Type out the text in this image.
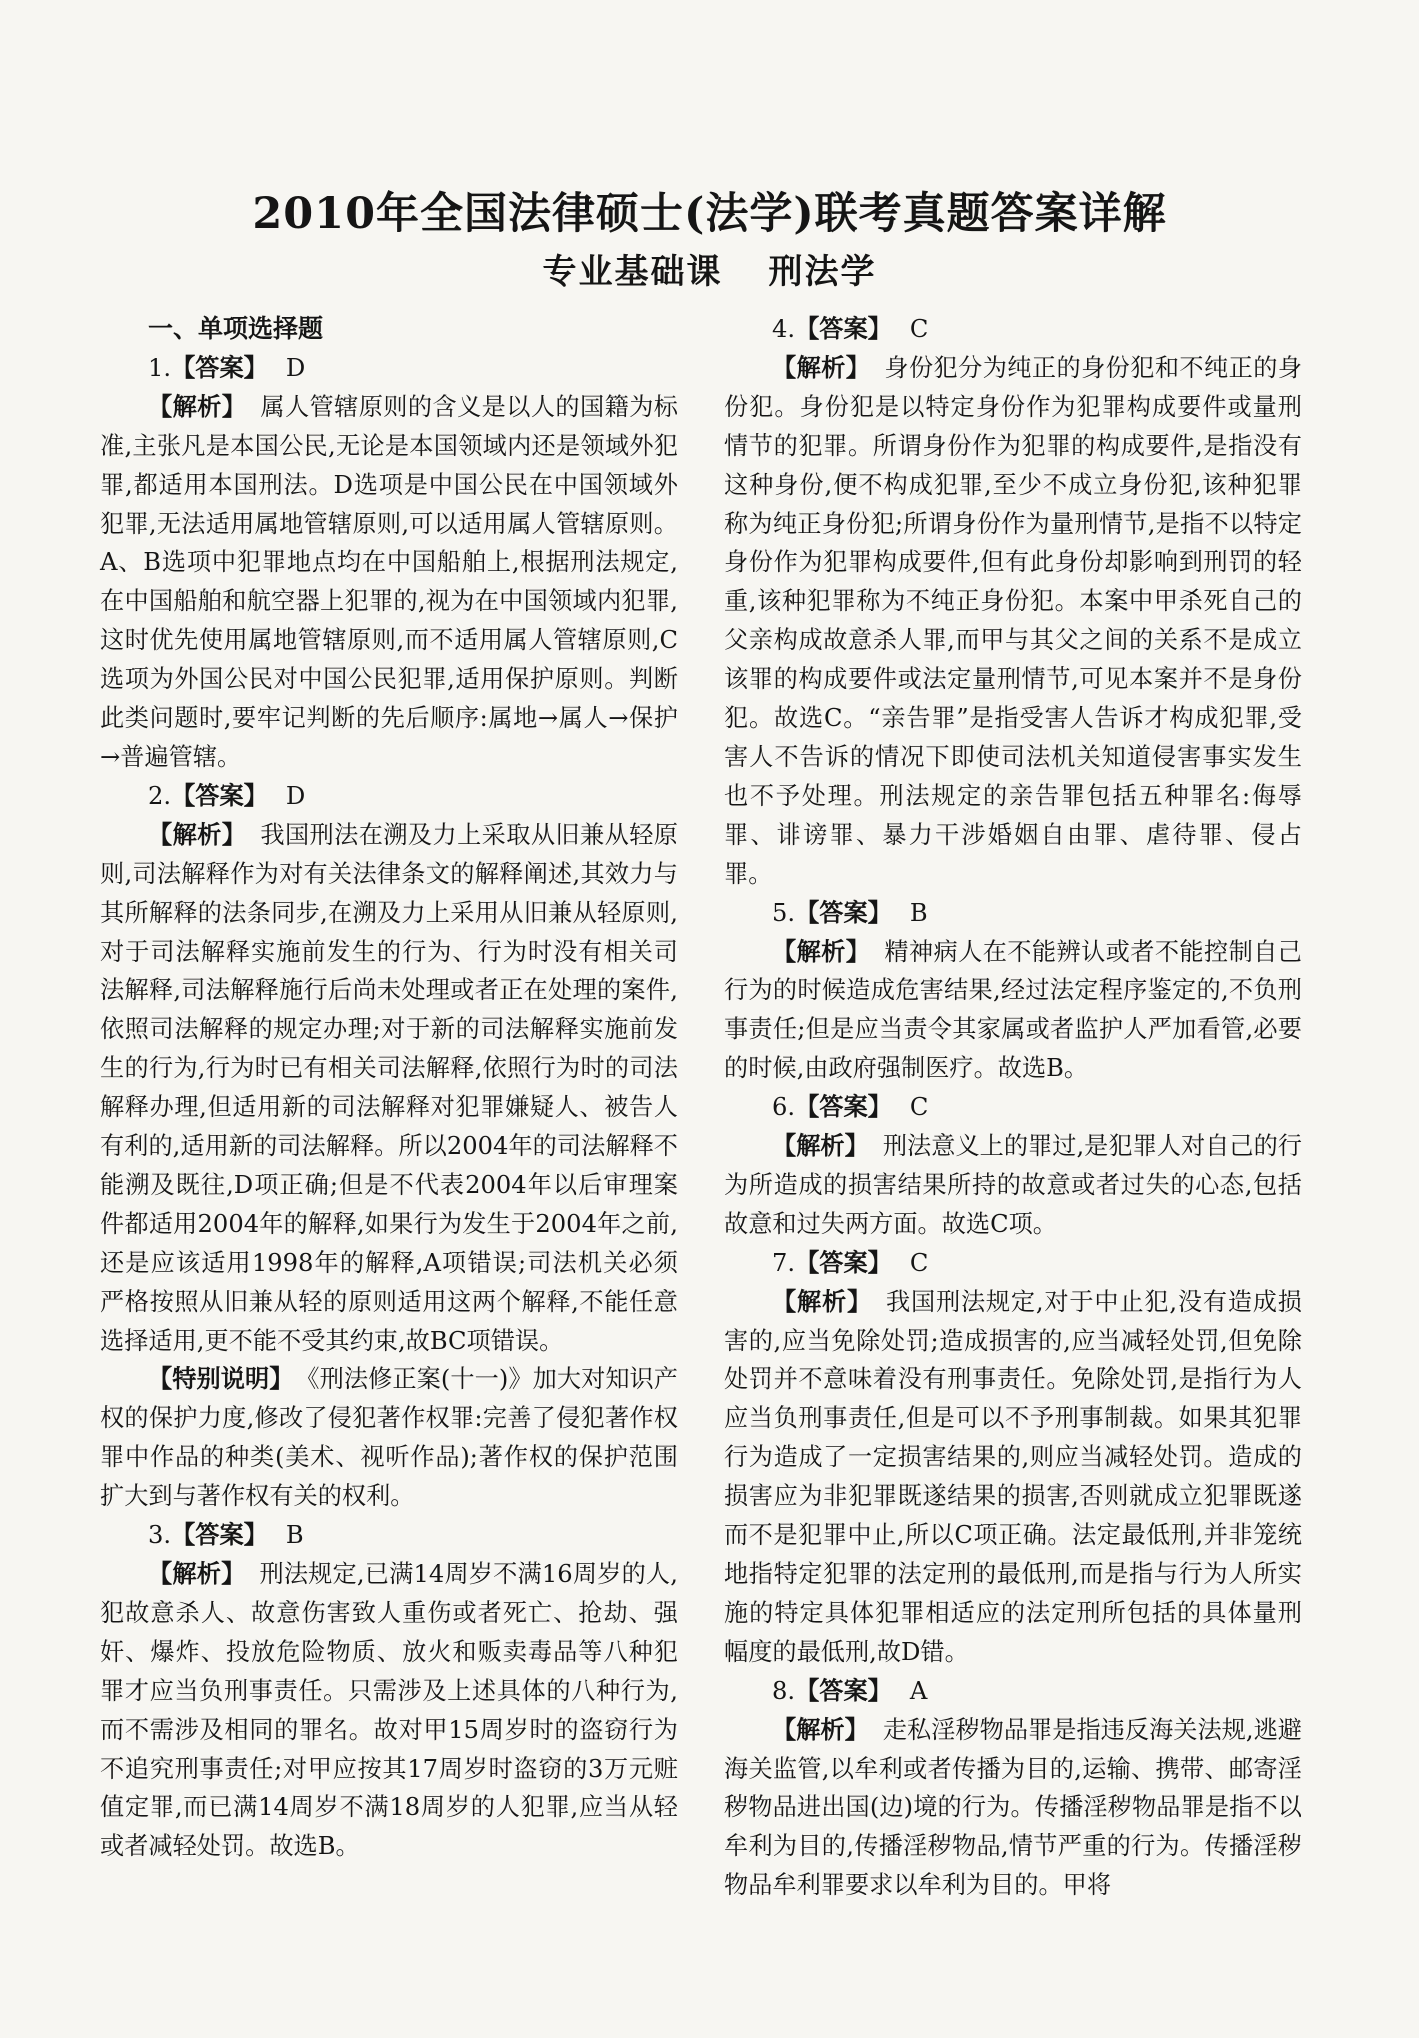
2010年全国法律硕士(法学)联考真题答案详解
专业基础课 刑法学

一、单项选择题

1.【答案】 D

【解析】 属人管辖原则的含义是以人的国籍为标准,主张凡是本国公民,无论是本国领域内还是领域外犯罪,都适用本国刑法。D选项是中国公民在中国领域外犯罪,无法适用属地管辖原则,可以适用属人管辖原则。A、B选项中犯罪地点均在中国船舶上,根据刑法规定,在中国船舶和航空器上犯罪的,视为在中国领域内犯罪,这时优先使用属地管辖原则,而不适用属人管辖原则,C选项为外国公民对中国公民犯罪,适用保护原则。判断此类问题时,要牢记判断的先后顺序:属地→属人→保护→普遍管辖。

2.【答案】 D

【解析】 我国刑法在溯及力上采取从旧兼从轻原则,司法解释作为对有关法律条文的解释阐述,其效力与其所解释的法条同步,在溯及力上采用从旧兼从轻原则,对于司法解释实施前发生的行为、行为时没有相关司法解释,司法解释施行后尚未处理或者正在处理的案件,依照司法解释的规定办理;对于新的司法解释实施前发生的行为,行为时已有相关司法解释,依照行为时的司法解释办理,但适用新的司法解释对犯罪嫌疑人、被告人有利的,适用新的司法解释。所以2004年的司法解释不能溯及既往,D项正确;但是不代表2004年以后审理案件都适用2004年的解释,如果行为发生于2004年之前,还是应该适用1998年的解释,A项错误;司法机关必须严格按照从旧兼从轻的原则适用这两个解释,不能任意选择适用,更不能不受其约束,故BC项错误。

【特别说明】 《刑法修正案(十一)》加大对知识产权的保护力度,修改了侵犯著作权罪:完善了侵犯著作权罪中作品的种类(美术、视听作品);著作权的保护范围扩大到与著作权有关的权利。

3.【答案】 B

【解析】 刑法规定,已满14周岁不满16周岁的人,犯故意杀人、故意伤害致人重伤或者死亡、抢劫、强奸、爆炸、投放危险物质、放火和贩卖毒品等八种犯罪才应当负刑事责任。只需涉及上述具体的八种行为,而不需涉及相同的罪名。故对甲15周岁时的盗窃行为不追究刑事责任;对甲应按其17周岁时盗窃的3万元赃值定罪,而已满14周岁不满18周岁的人犯罪,应当从轻或者减轻处罚。故选B。

4.【答案】 C

【解析】 身份犯分为纯正的身份犯和不纯正的身份犯。身份犯是以特定身份作为犯罪构成要件或量刑情节的犯罪。所谓身份作为犯罪的构成要件,是指没有这种身份,便不构成犯罪,至少不成立身份犯,该种犯罪称为纯正身份犯;所谓身份作为量刑情节,是指不以特定身份作为犯罪构成要件,但有此身份却影响到刑罚的轻重,该种犯罪称为不纯正身份犯。本案中甲杀死自己的父亲构成故意杀人罪,而甲与其父之间的关系不是成立该罪的构成要件或法定量刑情节,可见本案并不是身份犯。故选C。“亲告罪”是指受害人告诉才构成犯罪,受害人不告诉的情况下即使司法机关知道侵害事实发生也不予处理。刑法规定的亲告罪包括五种罪名:侮辱罪、诽谤罪、暴力干涉婚姻自由罪、虐待罪、侵占罪。

5.【答案】 B

【解析】 精神病人在不能辨认或者不能控制自己行为的时候造成危害结果,经过法定程序鉴定的,不负刑事责任;但是应当责令其家属或者监护人严加看管,必要的时候,由政府强制医疗。故选B。

6.【答案】 C

【解析】 刑法意义上的罪过,是犯罪人对自己的行为所造成的损害结果所持的故意或者过失的心态,包括故意和过失两方面。故选C项。

7.【答案】 C

【解析】 我国刑法规定,对于中止犯,没有造成损害的,应当免除处罚;造成损害的,应当减轻处罚,但免除处罚并不意味着没有刑事责任。免除处罚,是指行为人应当负刑事责任,但是可以不予刑事制裁。如果其犯罪行为造成了一定损害结果的,则应当减轻处罚。造成的损害应为非犯罪既遂结果的损害,否则就成立犯罪既遂而不是犯罪中止,所以C项正确。法定最低刑,并非笼统地指特定犯罪的法定刑的最低刑,而是指与行为人所实施的特定具体犯罪相适应的法定刑所包括的具体量刑幅度的最低刑,故D错。

8.【答案】 A

【解析】 走私淫秽物品罪是指违反海关法规,逃避海关监管,以牟利或者传播为目的,运输、携带、邮寄淫秽物品进出国(边)境的行为。传播淫秽物品罪是指不以牟利为目的,传播淫秽物品,情节严重的行为。传播淫秽物品牟利罪要求以牟利为目的。甲将
